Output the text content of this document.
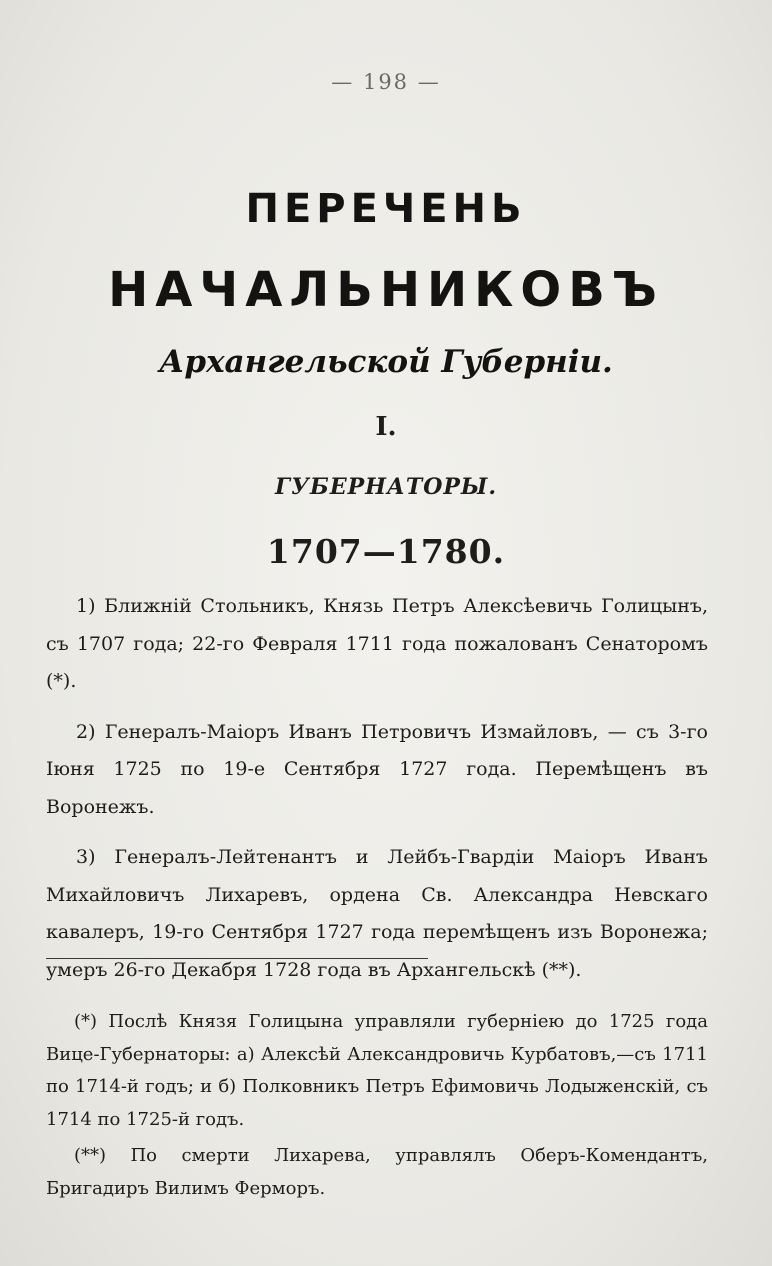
— 198 —
ПЕРЕЧЕНЬ
НАЧАЛЬНИКОВЪ
Архангельской Губерніи.
I.
ГУБЕРНАТОРЫ.
1707—1780.

1) Ближній Стольникъ, Князь Петръ Алексѣевичь Голицынъ, съ 1707 года; 22-го Февраля 1711 года пожалованъ Сенаторомъ (*).

2) Генералъ-Маіоръ Иванъ Петровичъ Измайловъ, — съ 3-го Іюня 1725 по 19-е Сентября 1727 года. Перемѣщенъ въ Воронежъ.

3) Генералъ-Лейтенантъ и Лейбъ-Гвардіи Маіоръ Иванъ Михайловичъ Лихаревъ, ордена Св. Александра Невскаго кавалеръ, 19-го Сентября 1727 года перемѣщенъ изъ Воронежа; умеръ 26-го Декабря 1728 года въ Архангельскѣ (**).

(*) Послѣ Князя Голицына управляли губерніею до 1725 года Вице-Губернаторы: а) Алексѣй Александровичь Курбатовъ,—съ 1711 по 1714-й годъ; и б) Полковникъ Петръ Ефимовичь Лодыженскій, съ 1714 по 1725-й годъ.

(**) По смерти Лихарева, управлялъ Оберъ-Комендантъ, Бригадиръ Вилимъ Ферморъ.
